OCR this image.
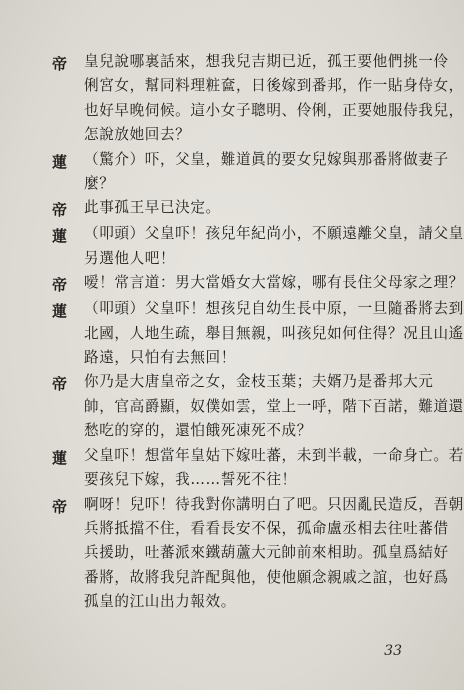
帝	皇兒說哪裏話來，想我兒吉期已近，孤王要他們挑一伶
俐宮女，幫同料理粧奩，日後嫁到番邦，作一貼身侍女，
也好早晚伺候。這小女子聰明、伶俐，正要她服侍我兒，
怎說放她回去？
蓮	（驚介）吓，父皇，難道眞的要女兒嫁與那番將做妻子
麼？
帝	此事孤王早已決定。
蓮	（叩頭）父皇吓！孩兒年紀尚小，不願遠離父皇，請父皇
另選他人吧！
帝	嗳！常言道：男大當婚女大當嫁，哪有長住父母家之理？
蓮	（叩頭）父皇吓！想孩兒自幼生長中原，一旦隨番將去到
北國，人地生疏，舉目無親，叫孩兒如何住得？况且山遙
路遠，只怕有去無回！
帝	你乃是大唐皇帝之女，金枝玉葉；夫婿乃是番邦大元
帥，官高爵顯，奴僕如雲，堂上一呼，階下百諾，難道還
愁吃的穿的，還怕餓死凍死不成？
蓮	父皇吓！想當年皇姑下嫁吐蕃，未到半載，一命身亡。若
要孩兒下嫁，我……誓死不往！
帝	啊呀！兒吓！待我對你講明白了吧。只因亂民造反，吾朝
兵將抵擋不住，看看長安不保，孤命盧丞相去往吐蕃借
兵援助，吐蕃派來鐵葫蘆大元帥前來相助。孤皇爲結好
番將，故將我兒許配與他，使他願念親戚之誼，也好爲
孤皇的江山出力報效。
33
